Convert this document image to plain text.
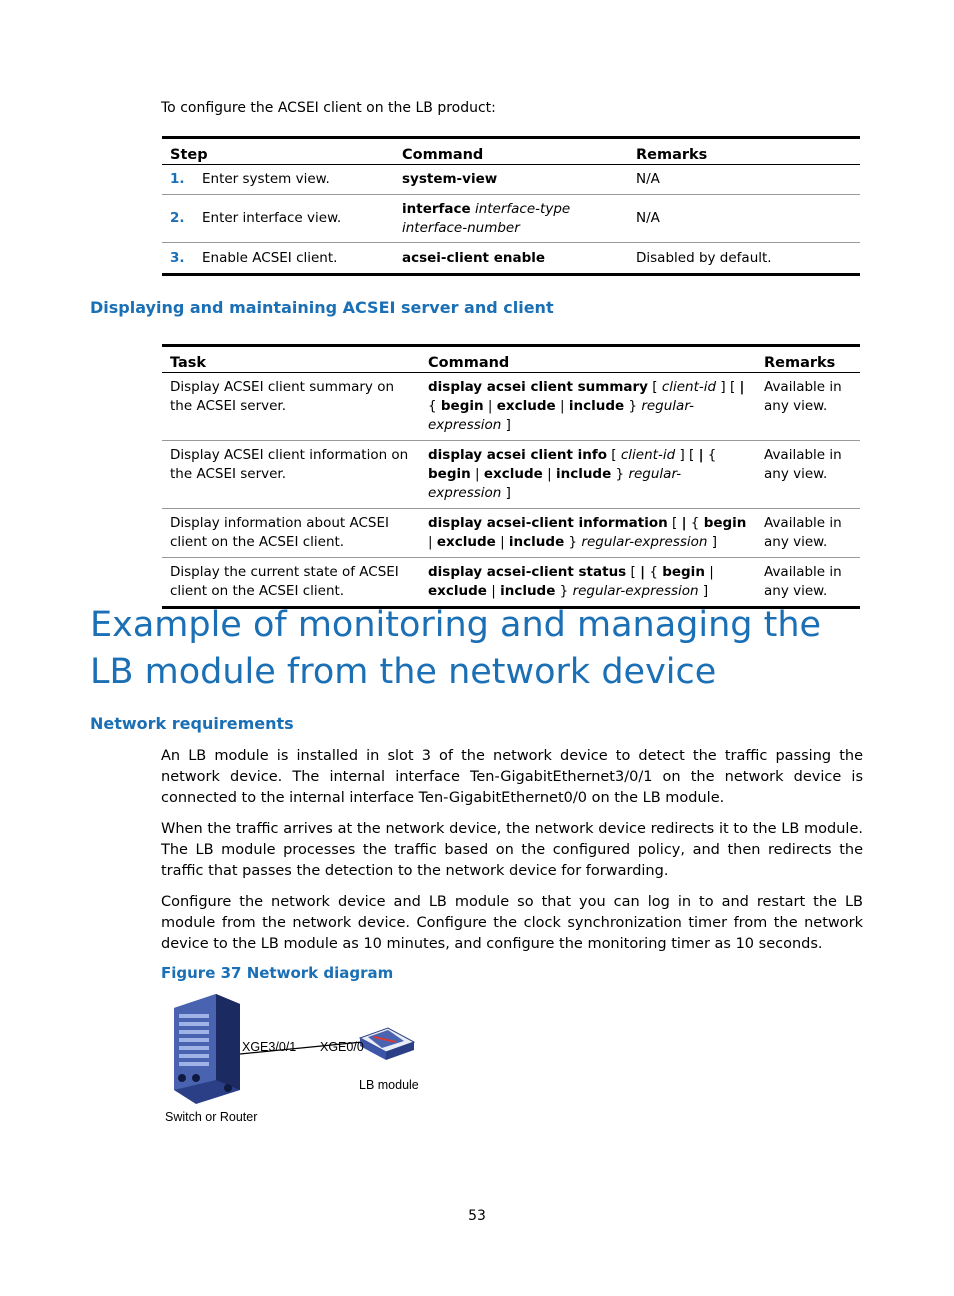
To configure the ACSEI client on the LB product:
Step	Command	Remarks
1. Enter system view.	system-view	N/A
2. Enter interface view.	interface interface-type
interface-number	N/A
3. Enable ACSEI client.	acsei-client enable	Disabled by default.
Displaying and maintaining ACSEI server and client
Task	Command	Remarks
Display ACSEI client summary on the ACSEI server.	display acsei client summary [ client-id ] [ | { begin | exclude | include } regular-expression ]	Available in any view.
Display ACSEI client information on the ACSEI server.	display acsei client info [ client-id ] [ | { begin | exclude | include } regular-expression ]	Available in any view.
Display information about ACSEI client on the ACSEI client.	display acsei-client information [ | { begin | exclude | include } regular-expression ]	Available in any view.
Display the current state of ACSEI client on the ACSEI client.	display acsei-client status [ | { begin | exclude | include } regular-expression ]	Available in any view.
Example of monitoring and managing the LB module from the network device
Network requirements
An LB module is installed in slot 3 of the network device to detect the traffic passing the network device. The internal interface Ten-GigabitEthernet3/0/1 on the network device is connected to the internal interface Ten-GigabitEthernet0/0 on the LB module.
When the traffic arrives at the network device, the network device redirects it to the LB module. The LB module processes the traffic based on the configured policy, and then redirects the traffic that passes the detection to the network device for forwarding.
Configure the network device and LB module so that you can log in to and restart the LB module from the network device. Configure the clock synchronization timer from the network device to the LB module as 10 minutes, and configure the monitoring timer as 10 seconds.
Figure 37 Network diagram
XGE3/0/1 XGE0/0
LB module
Switch or Router
53
